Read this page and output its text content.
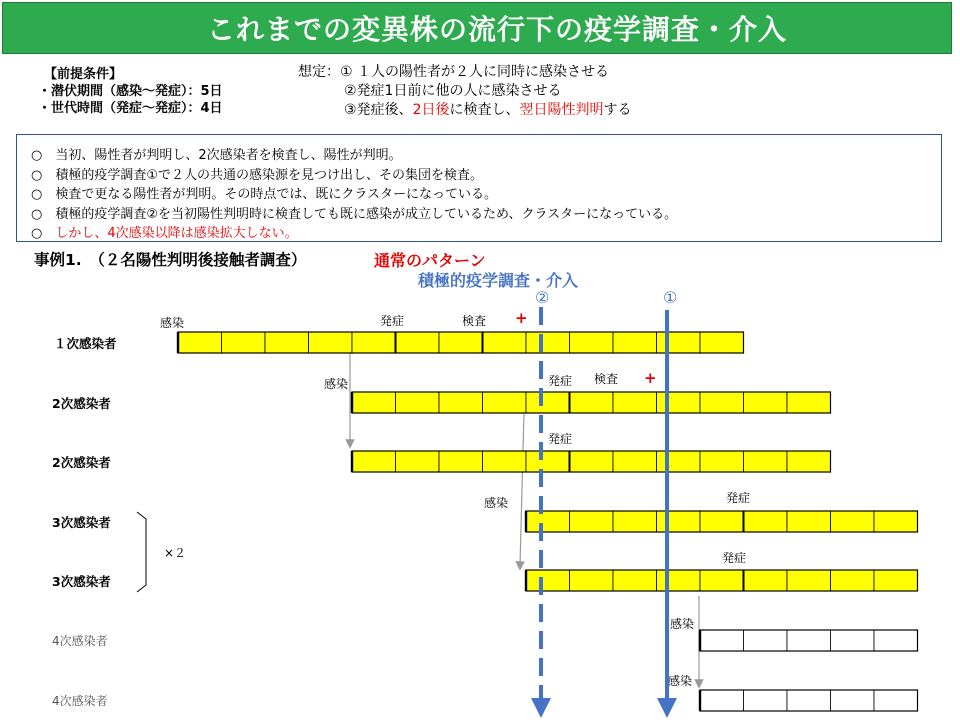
これまでの変異株の流行下の疫学調査・介入
【前提条件】
・潜伏期間（感染～発症）：5日
・世代時間（発症～発症）：4日
想定：① １人の陽性者が２人に同時に感染させる
②発症1日前に他の人に感染させる
③発症後、2日後に検査し、翌日陽性判明する
○　当初、陽性者が判明し、2次感染者を検査し、陽性が判明。
○　積極的疫学調査①で２人の共通の感染源を見つけ出し、その集団を検査。
○　検査で更なる陽性者が判明。その時点では、既にクラスターになっている。
○　積極的疫学調査②を当初陽性判明時に検査しても既に感染が成立しているため、クラスターになっている。
○　しかし、4次感染以降は感染拡大しない。
事例1.　（２名陽性判明後接触者調査）	通常のパターン
積極的疫学調査・介入
②	①
１次感染者
2次感染者
2次感染者
3次感染者
3次感染者
4次感染者
4次感染者
×２
感染	発症	検査 +
感染	発症 検査 +
発症
感染	発症
発症
感染
感染
